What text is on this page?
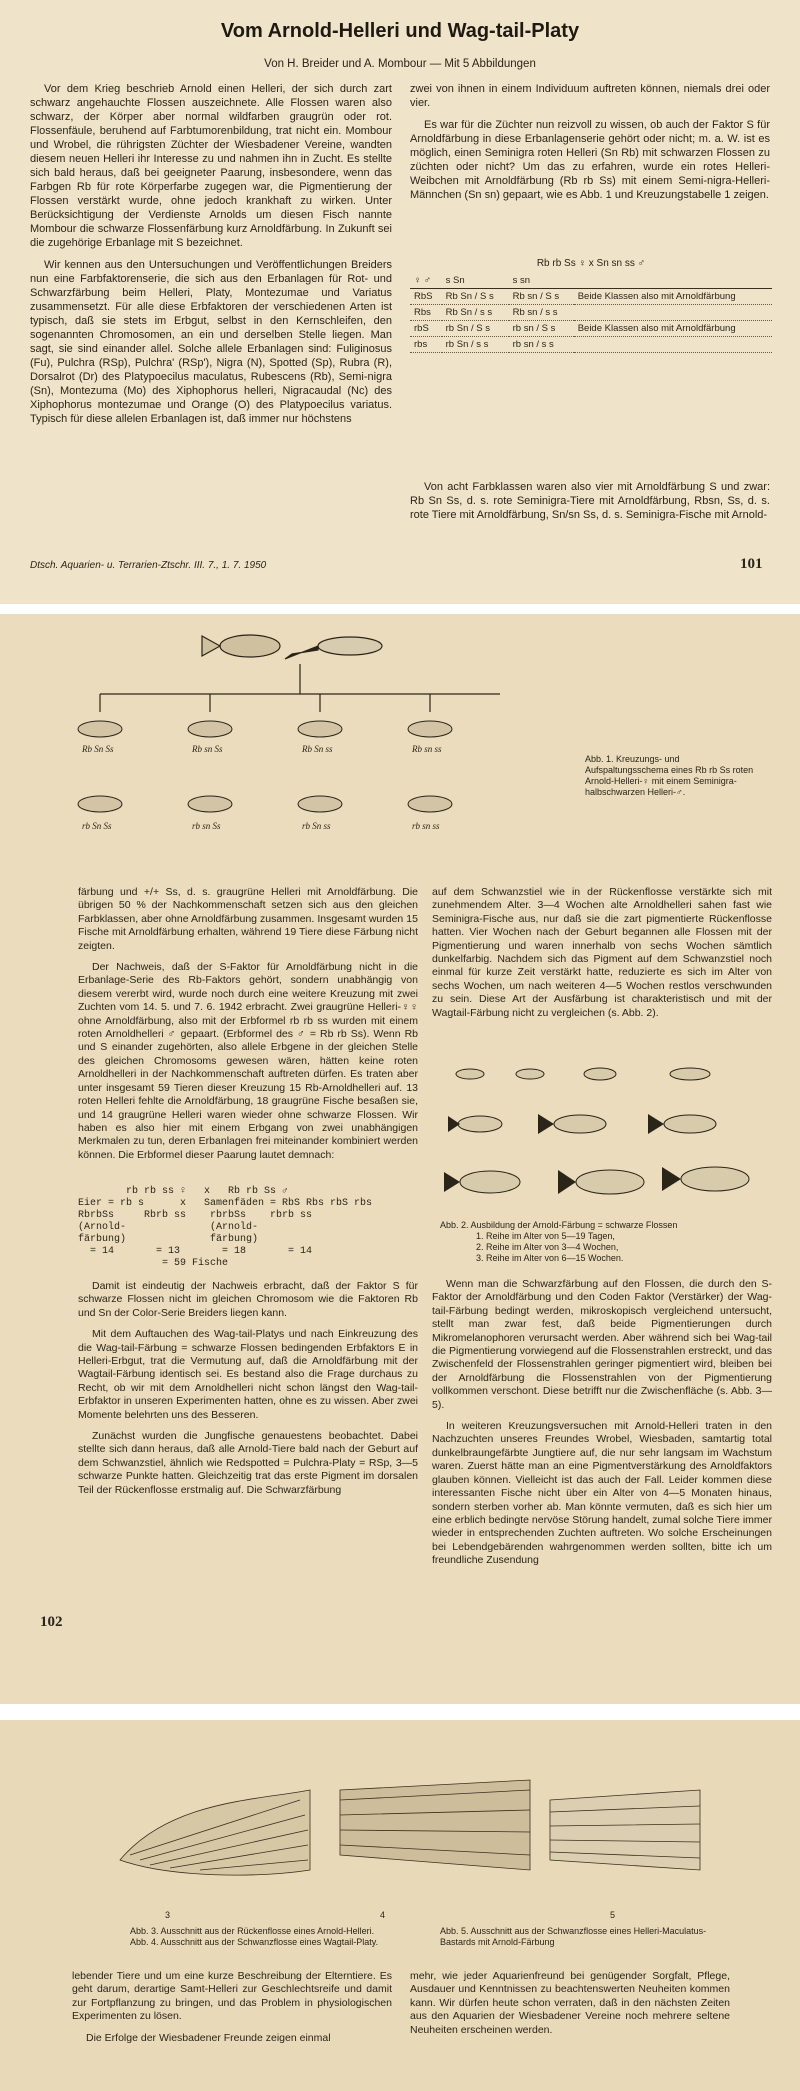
Vom Arnold-Helleri und Wag-tail-Platy
Von H. Breider und A. Mombour — Mit 5 Abbildungen

Vor dem Krieg beschrieb Arnold einen Helleri, der sich durch zart schwarz angehauchte Flossen auszeichnete. Alle Flossen waren also schwarz, der Körper aber normal wildfarben graugrün oder rot. Flossenfäule, beruhend auf Farbtumorenbildung, trat nicht ein. Mombour und Wrobel, die rührigsten Züchter der Wiesbadener Vereine, wandten diesem neuen Helleri ihr Interesse zu und nahmen ihn in Zucht. Es stellte sich bald heraus, daß bei geeigneter Paarung, insbesondere, wenn das Farbgen Rb für rote Körperfarbe zugegen war, die Pigmentierung der Flossen verstärkt wurde, ohne jedoch krankhaft zu wirken. Unter Berücksichtigung der Verdienste Arnolds um diesen Fisch nannte Mombour die schwarze Flossenfärbung kurz Arnoldfärbung. In Zukunft sei die zugehörige Erbanlage mit S bezeichnet.

Wir kennen aus den Untersuchungen und Veröffentlichungen Breiders nun eine Farbfaktorenserie, die sich aus den Erbanlagen für Rot- und Schwarzfärbung beim Helleri, Platy, Montezumae und Variatus zusammensetzt. Für alle diese Erbfaktoren der verschiedenen Arten ist typisch, daß sie stets im Erbgut, selbst in den Kernschleifen, den sogenannten Chromosomen, an ein und derselben Stelle liegen. Man sagt, sie sind einander allel. Solche allele Erbanlagen sind: Fuliginosus (Fu), Pulchra (RSp), Pulchra' (RSp'), Nigra (N), Spotted (Sp), Rubra (R), Dorsalrot (Dr) des Platypoecilus maculatus, Rubescens (Rb), Semi-nigra (Sn), Montezuma (Mo) des Xiphophorus helleri, Nigracaudal (Nc) des Xiphophorus montezumae und Orange (O) des Platypoecilus variatus. Typisch für diese allelen Erbanlagen ist, daß immer nur höchstens

zwei von ihnen in einem Individuum auftreten können, niemals drei oder vier.

Es war für die Züchter nun reizvoll zu wissen, ob auch der Faktor S für Arnoldfärbung in diese Erbanlagenserie gehört oder nicht; m. a. W. ist es möglich, einen Seminigra roten Helleri (Sn Rb) mit schwarzen Flossen zu züchten oder nicht? Um das zu erfahren, wurde ein rotes Helleri-Weibchen mit Arnoldfärbung (Rb rb Ss) mit einem Semi-nigra-Helleri-Männchen (Sn sn) gepaart, wie es Abb. 1 und Kreuzungstabelle 1 zeigen.

Rb rb Ss ♀ x Sn sn ss ♂
♀ ♂	s Sn	s sn	
RbS	Rb Sn / S s	Rb sn / S s	Beide Klassen also mit Arnoldfärbung
Rbs	Rb Sn / s s	Rb sn / s s	
rbS	rb Sn / S s	rb sn / S s	Beide Klassen also mit Arnoldfärbung
rbs	rb Sn / s s	rb sn / s s	

Von acht Farbklassen waren also vier mit Arnoldfärbung S und zwar: Rb Sn Ss, d. s. rote Seminigra-Tiere mit Arnoldfärbung, Rbsn, Ss, d. s. rote Tiere mit Arnoldfärbung, Sn/sn Ss, d. s. Seminigra-Fische mit Arnold-

Dtsch. Aquarien- u. Terrarien-Ztschr. III. 7., 1. 7. 1950	101
Rb Sn Ss	Rb sn Ss	Rb Sn ss	Rb sn ss
rb Sn Ss	rb sn Ss	rb Sn ss	rb sn ss
Abb. 1. Kreuzungs- und Aufspaltungsschema eines Rb rb Ss roten Arnold-Helleri-♀ mit einem Seminigra-halbschwarzen Helleri-♂.

färbung und +/+ Ss, d. s. graugrüne Helleri mit Arnoldfärbung. Die übrigen 50 % der Nachkommenschaft setzen sich aus den gleichen Farbklassen, aber ohne Arnoldfärbung zusammen. Insgesamt wurden 15 Fische mit Arnoldfärbung erhalten, während 19 Tiere diese Färbung nicht zeigten.

Der Nachweis, daß der S-Faktor für Arnoldfärbung nicht in die Erbanlage-Serie des Rb-Faktors gehört, sondern unabhängig von diesem vererbt wird, wurde noch durch eine weitere Kreuzung mit zwei Zuchten vom 14. 5. und 7. 6. 1942 erbracht. Zwei graugrüne Helleri-♀♀ ohne Arnoldfärbung, also mit der Erbformel rb rb ss wurden mit einem roten Arnoldhelleri ♂ gepaart. (Erbformel des ♂ = Rb rb Ss). Wenn Rb und S einander zugehörten, also allele Erbgene in der gleichen Stelle des gleichen Chromosoms gewesen wären, hätten keine roten Arnoldhelleri in der Nachkommenschaft auftreten dürfen. Es traten aber unter insgesamt 59 Tieren dieser Kreuzung 15 Rb-Arnoldhelleri auf. 13 roten Helleri fehlte die Arnoldfärbung, 18 graugrüne Fische besaßen sie, und 14 graugrüne Helleri waren wieder ohne schwarze Flossen. Wir haben es also hier mit einem Erbgang von zwei unabhängigen Merkmalen zu tun, deren Erbanlagen frei miteinander kombiniert werden können. Die Erbformel dieser Paarung lautet demnach:

rb rb ss ♀   x   Rb rb Ss ♂
Eier = rb s      x   Samenfäden = RbS Rbs rbS rbs
RbrbSs     Rbrb ss    rbrbSs    rbrb ss
(Arnold-              (Arnold-
färbung)              färbung)
= 14       = 13       = 18       = 14
= 59 Fische

Damit ist eindeutig der Nachweis erbracht, daß der Faktor S für schwarze Flossen nicht im gleichen Chromosom wie die Faktoren Rb und Sn der Color-Serie Breiders liegen kann.

Mit dem Auftauchen des Wag-tail-Platys und nach Einkreuzung des die Wag-tail-Färbung = schwarze Flossen bedingenden Erbfaktors E in Helleri-Erbgut, trat die Vermutung auf, daß die Arnoldfärbung mit der Wagtail-Färbung identisch sei. Es bestand also die Frage durchaus zu Recht, ob wir mit dem Arnoldhelleri nicht schon längst den Wag-tail-Erbfaktor in unseren Experimenten hatten, ohne es zu wissen. Aber zwei Momente belehrten uns des Besseren.

Zunächst wurden die Jungfische genauestens beobachtet. Dabei stellte sich dann heraus, daß alle Arnold-Tiere bald nach der Geburt auf dem Schwanzstiel, ähnlich wie Redspotted = Pulchra-Platy = RSp, 3—5 schwarze Punkte hatten. Gleichzeitig trat das erste Pigment im dorsalen Teil der Rückenflosse erstmalig auf. Die Schwarzfärbung

102

auf dem Schwanzstiel wie in der Rückenflosse verstärkte sich mit zunehmendem Alter. 3—4 Wochen alte Arnoldhelleri sahen fast wie Seminigra-Fische aus, nur daß sie die zart pigmentierte Rückenflosse hatten. Vier Wochen nach der Geburt begannen alle Flossen mit der Pigmentierung und waren innerhalb von sechs Wochen sämtlich dunkelfarbig. Nachdem sich das Pigment auf dem Schwanzstiel noch einmal für kurze Zeit verstärkt hatte, reduzierte es sich im Alter von sechs Wochen, um nach weiteren 4—5 Wochen restlos verschwunden zu sein. Diese Art der Ausfärbung ist charakteristisch und mit der Wagtail-Färbung nicht zu vergleichen (s. Abb. 2).

Abb. 2. Ausbildung der Arnold-Färbung = schwarze Flossen
1. Reihe im Alter von 5—19 Tagen,
2. Reihe im Alter von 3—4 Wochen,
3. Reihe im Alter von 6—15 Wochen.

Wenn man die Schwarzfärbung auf den Flossen, die durch den S-Faktor der Arnoldfärbung und den Coden Faktor (Verstärker) der Wag-tail-Färbung bedingt werden, mikroskopisch vergleichend untersucht, stellt man zwar fest, daß beide Pigmentierungen durch Mikromelanophoren verursacht werden. Aber während sich bei Wag-tail die Pigmentierung vorwiegend auf die Flossenstrahlen erstreckt, und das Zwischenfeld der Flossenstrahlen geringer pigmentiert wird, bleiben bei der Arnoldfärbung die Flossenstrahlen von der Pigmentierung vollkommen verschont. Diese betrifft nur die Zwischenfläche (s. Abb. 3—5).

In weiteren Kreuzungsversuchen mit Arnold-Helleri traten in den Nachzuchten unseres Freundes Wrobel, Wiesbaden, samtartig total dunkelbraungefärbte Jungtiere auf, die nur sehr langsam im Wachstum waren. Zuerst hätte man an eine Pigmentverstärkung des Arnoldfaktors glauben können. Vielleicht ist das auch der Fall. Leider kommen diese interessanten Fische nicht über ein Alter von 4—5 Monaten hinaus, sondern sterben vorher ab. Man könnte vermuten, daß es sich hier um eine erblich bedingte nervöse Störung handelt, zumal solche Tiere immer wieder in entsprechenden Zuchten auftreten. Wo solche Erscheinungen bei Lebendgebärenden wahrgenommen werden sollten, bitte ich um freundliche Zusendung

3	4	5
Abb. 3. Ausschnitt aus der Rückenflosse eines Arnold-Helleri.
Abb. 4. Ausschnitt aus der Schwanzflosse eines Wagtail-Platy.
Abb. 5. Ausschnitt aus der Schwanzflosse eines Helleri-Maculatus-Bastards mit Arnold-Färbung

lebender Tiere und um eine kurze Beschreibung der Elterntiere. Es geht darum, derartige Samt-Helleri zur Geschlechtsreife und damit zur Fortpflanzung zu bringen, und das Problem in physiologischen Experimenten zu lösen.

Die Erfolge der Wiesbadener Freunde zeigen einmal

mehr, wie jeder Aquarienfreund bei genügender Sorgfalt, Pflege, Ausdauer und Kenntnissen zu beachtenswerten Neuheiten kommen kann. Wir dürfen heute schon verraten, daß in den nächsten Zeiten aus den Aquarien der Wiesbadener Vereine noch mehrere seltene Neuheiten erscheinen werden.
